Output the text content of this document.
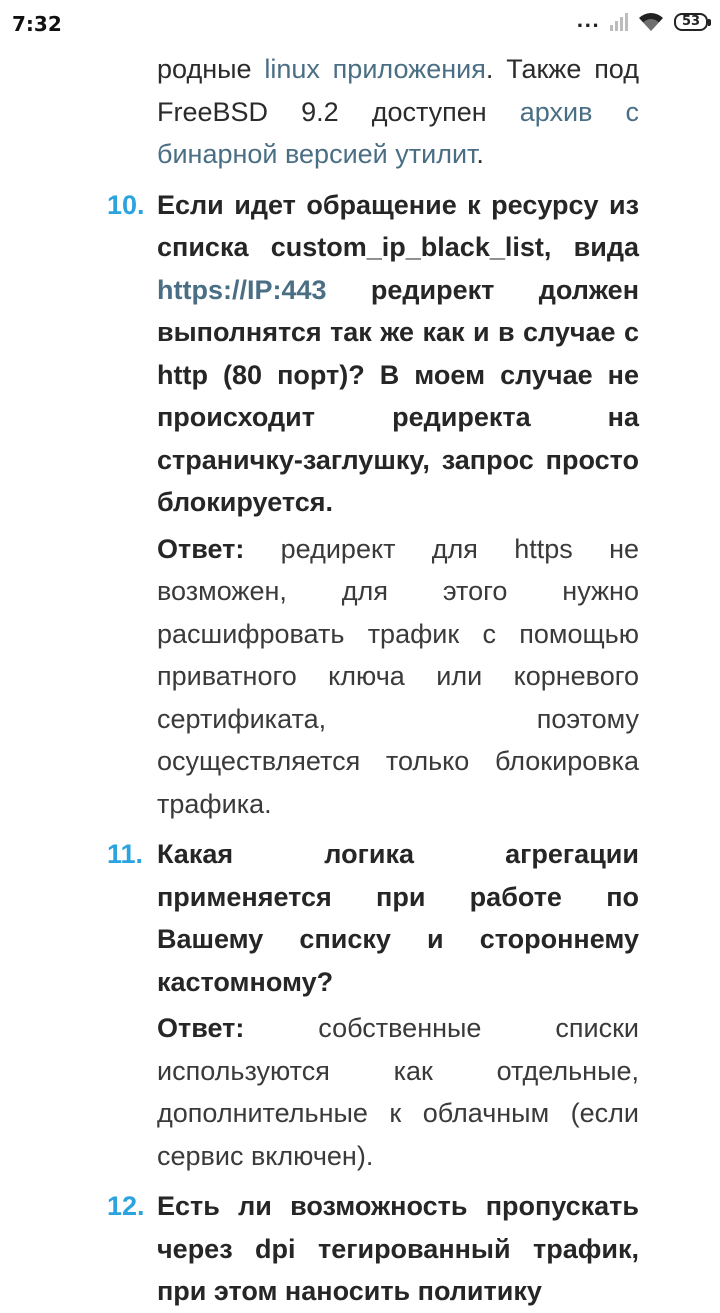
7:32	...	53
родные linux приложения. Также под FreeBSD 9.2 доступен архив с бинарной версией утилит.
10. Если идет обращение к ресурсу из списка custom_ip_black_list, вида https://IP:443 редирект должен выполнятся так же как и в случае с http (80 порт)? В моем случае не происходит редиректа на страничку-заглушку, запрос просто блокируется.
Ответ: редирект для https не возможен, для этого нужно расшифровать трафик с помощью приватного ключа или корневого сертификата, поэтому осуществляется только блокировка трафика.
11. Какая логика агрегации применяется при работе по Вашему списку и стороннему кастомному?
Ответ: собственные списки используются как отдельные, дополнительные к облачным (если сервис включен).
12. Есть ли возможность пропускать через dpi тегированный трафик, при этом наносить политику
